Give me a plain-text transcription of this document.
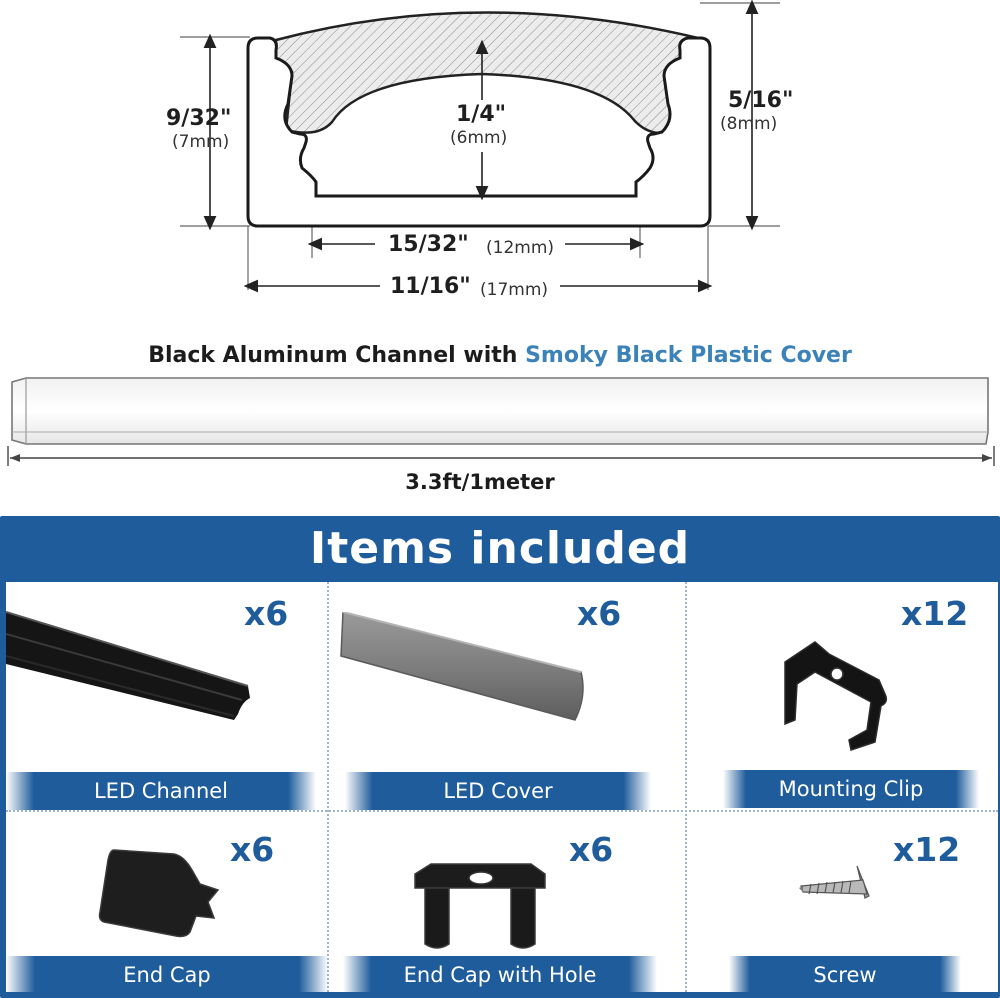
9/32"
(7mm)
1/4"
(6mm)
5/16"
(8mm)
15/32" (12mm)
11/16" (17mm)
Black Aluminum Channel with Smoky Black Plastic Cover
3.3ft/1meter
Items included
x6
LED Channel
x6
LED Cover
x12
Mounting Clip
x6
End Cap
x6
End Cap with Hole
x12
Screw
